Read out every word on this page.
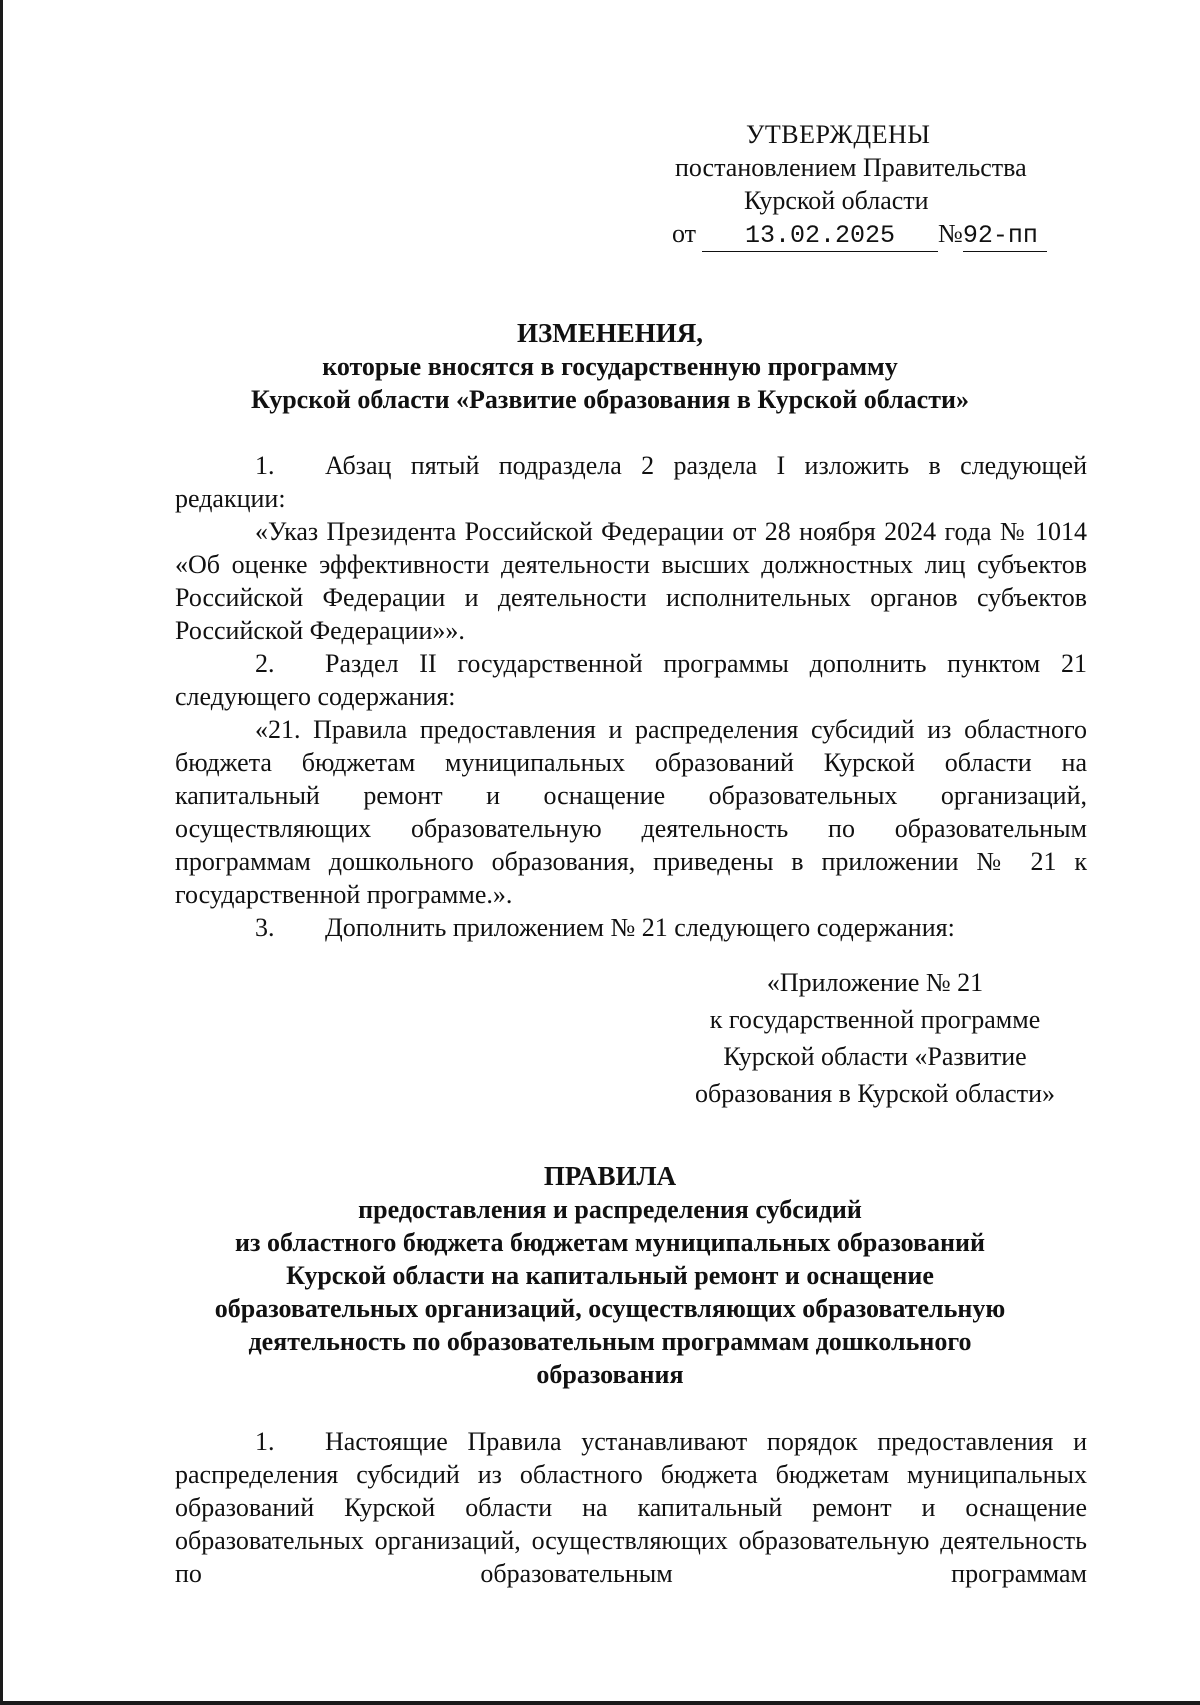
УТВЕРЖДЕНЫ
постановлением Правительства
Курской области
от 13.02.2025 №92-пп
ИЗМЕНЕНИЯ,
которые вносятся в государственную программу
Курской области «Развитие образования в Курской области»

1. Абзац пятый подраздела 2 раздела I изложить в следующей редакции:

«Указ Президента Российской Федерации от 28 ноября 2024 года № 1014 «Об оценке эффективности деятельности высших должностных лиц субъектов Российской Федерации и деятельности исполнительных органов субъектов Российской Федерации»».

2. Раздел II государственной программы дополнить пунктом 21 следующего содержания:

«21. Правила предоставления и распределения субсидий из областного бюджета бюджетам муниципальных образований Курской области на капитальный ремонт и оснащение образовательных организаций, осуществляющих образовательную деятельность по образовательным программам дошкольного образования, приведены в приложении № 21 к государственной программе.».

3. Дополнить приложением № 21 следующего содержания:

«Приложение № 21
к государственной программе
Курской области «Развитие
образования в Курской области»
ПРАВИЛА
предоставления и распределения субсидий
из областного бюджета бюджетам муниципальных образований
Курской области на капитальный ремонт и оснащение
образовательных организаций, осуществляющих образовательную
деятельность по образовательным программам дошкольного
образования

1. Настоящие Правила устанавливают порядок предоставления и распределения субсидий из областного бюджета бюджетам муниципальных образований Курской области на капитальный ремонт и оснащение образовательных организаций, осуществляющих образовательную деятельность по образовательным программам
